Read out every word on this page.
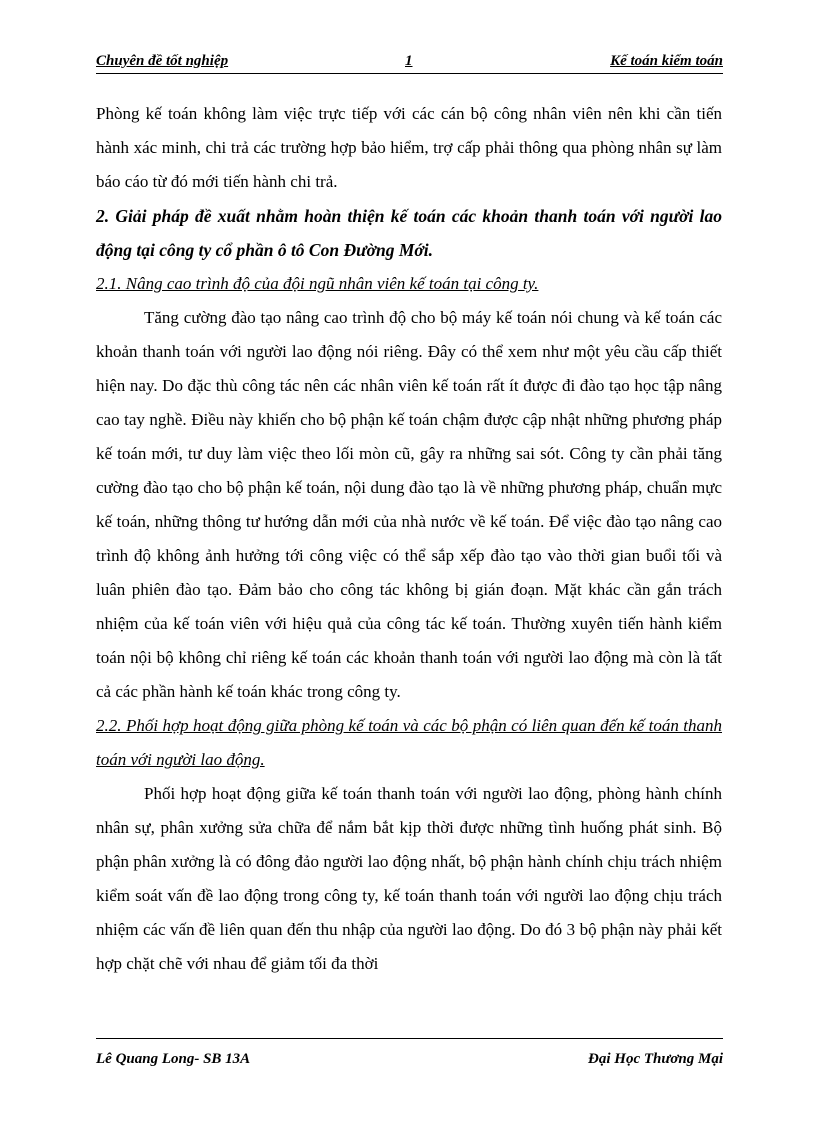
Chuyên đề tốt nghiệp	1	Kế toán kiểm toán

Phòng kế toán không làm việc trực tiếp với các cán bộ công nhân viên nên khi cần tiến hành xác minh, chi trả các trường hợp bảo hiểm, trợ cấp phải thông qua phòng nhân sự làm báo cáo từ đó mới tiến hành chi trả.

2. Giải pháp đề xuất nhằm hoàn thiện kế toán các khoản thanh toán với người lao động tại công ty cổ phần ô tô Con Đường Mới.

2.1. Nâng cao trình độ của đội ngũ nhân viên kế toán tại công ty.

Tăng cường đào tạo nâng cao trình độ cho bộ máy kế toán nói chung và kế toán các khoản thanh toán với người lao động nói riêng. Đây có thể xem như một yêu cầu cấp thiết hiện nay. Do đặc thù công tác nên các nhân viên kế toán rất ít được đi đào tạo học tập nâng cao tay nghề. Điều này khiến cho bộ phận kế toán chậm được cập nhật những phương pháp kế toán mới, tư duy làm việc theo lối mòn cũ, gây ra những sai sót. Công ty cần phải tăng cường đào tạo cho bộ phận kế toán, nội dung đào tạo là về những phương pháp, chuẩn mực kế toán, những thông tư hướng dẫn mới của nhà nước về kế toán. Để việc đào tạo nâng cao trình độ không ảnh hưởng tới công việc có thể sắp xếp đào tạo vào thời gian buổi tối và luân phiên đào tạo. Đảm bảo cho công tác không bị gián đoạn. Mặt khác cần gắn trách nhiệm của kế toán viên với hiệu quả của công tác kế toán. Thường xuyên tiến hành kiểm toán nội bộ không chỉ riêng kế toán các khoản thanh toán với người lao động mà còn là tất cả các phần hành kế toán khác trong công ty.

2.2. Phối hợp hoạt động giữa phòng kế toán và các bộ phận có liên quan đến kế toán thanh toán với người lao động.

Phối hợp hoạt động giữa kế toán thanh toán với người lao động, phòng hành chính nhân sự, phân xưởng sửa chữa để nắm bắt kịp thời được những tình huống phát sinh. Bộ phận phân xưởng là có đông đảo người lao động nhất, bộ phận hành chính chịu trách nhiệm kiểm soát vấn đề lao động trong công ty, kế toán thanh toán với người lao động chịu trách nhiệm các vấn đề liên quan đến thu nhập của người lao động. Do đó 3 bộ phận này phải kết hợp chặt chẽ với nhau để giảm tối đa thời

Lê Quang Long- SB 13A	Đại Học Thương Mại
